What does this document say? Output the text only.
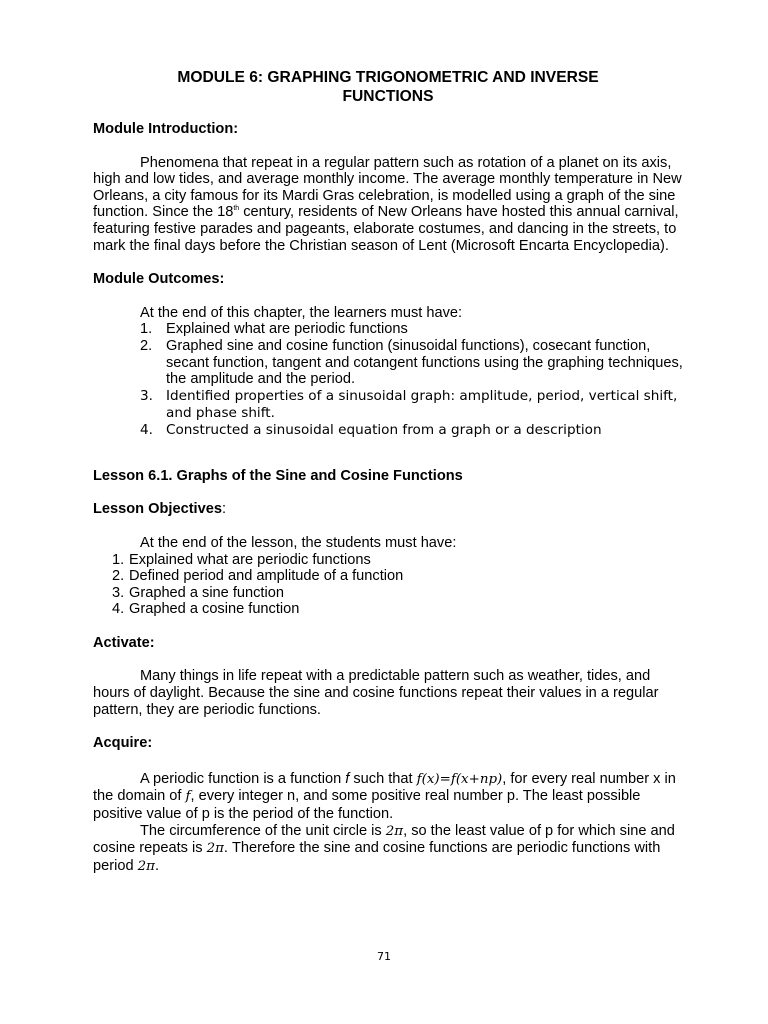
MODULE 6: GRAPHING TRIGONOMETRIC AND INVERSE
FUNCTIONS

Module Introduction:

Phenomena that repeat in a regular pattern such as rotation of a planet on its axis, high and low tides, and average monthly income. The average monthly temperature in New Orleans, a city famous for its Mardi Gras celebration, is modelled using a graph of the sine function. Since the 18th century, residents of New Orleans have hosted this annual carnival, featuring festive parades and pageants, elaborate costumes, and dancing in the streets, to mark the final days before the Christian season of Lent (Microsoft Encarta Encyclopedia).

Module Outcomes:

At the end of this chapter, the learners must have:

1. Explained what are periodic functions
2. Graphed sine and cosine function (sinusoidal functions), cosecant function, secant function, tangent and cotangent functions using the graphing techniques, the amplitude and the period.
3. Identified properties of a sinusoidal graph: amplitude, period, vertical shift, and phase shift.
4. Constructed a sinusoidal equation from a graph or a description

Lesson 6.1. Graphs of the Sine and Cosine Functions

Lesson Objectives:

At the end of the lesson, the students must have:

1. Explained what are periodic functions
2. Defined period and amplitude of a function
3. Graphed a sine function
4. Graphed a cosine function

Activate:

Many things in life repeat with a predictable pattern such as weather, tides, and hours of daylight. Because the sine and cosine functions repeat their values in a regular pattern, they are periodic functions.

Acquire:

A periodic function is a function f such that f(x)=f(x+np), for every real number x in the domain of f, every integer n, and some positive real number p. The least possible positive value of p is the period of the function.

The circumference of the unit circle is 2π, so the least value of p for which sine and cosine repeats is 2π. Therefore the sine and cosine functions are periodic functions with period 2π.

71
